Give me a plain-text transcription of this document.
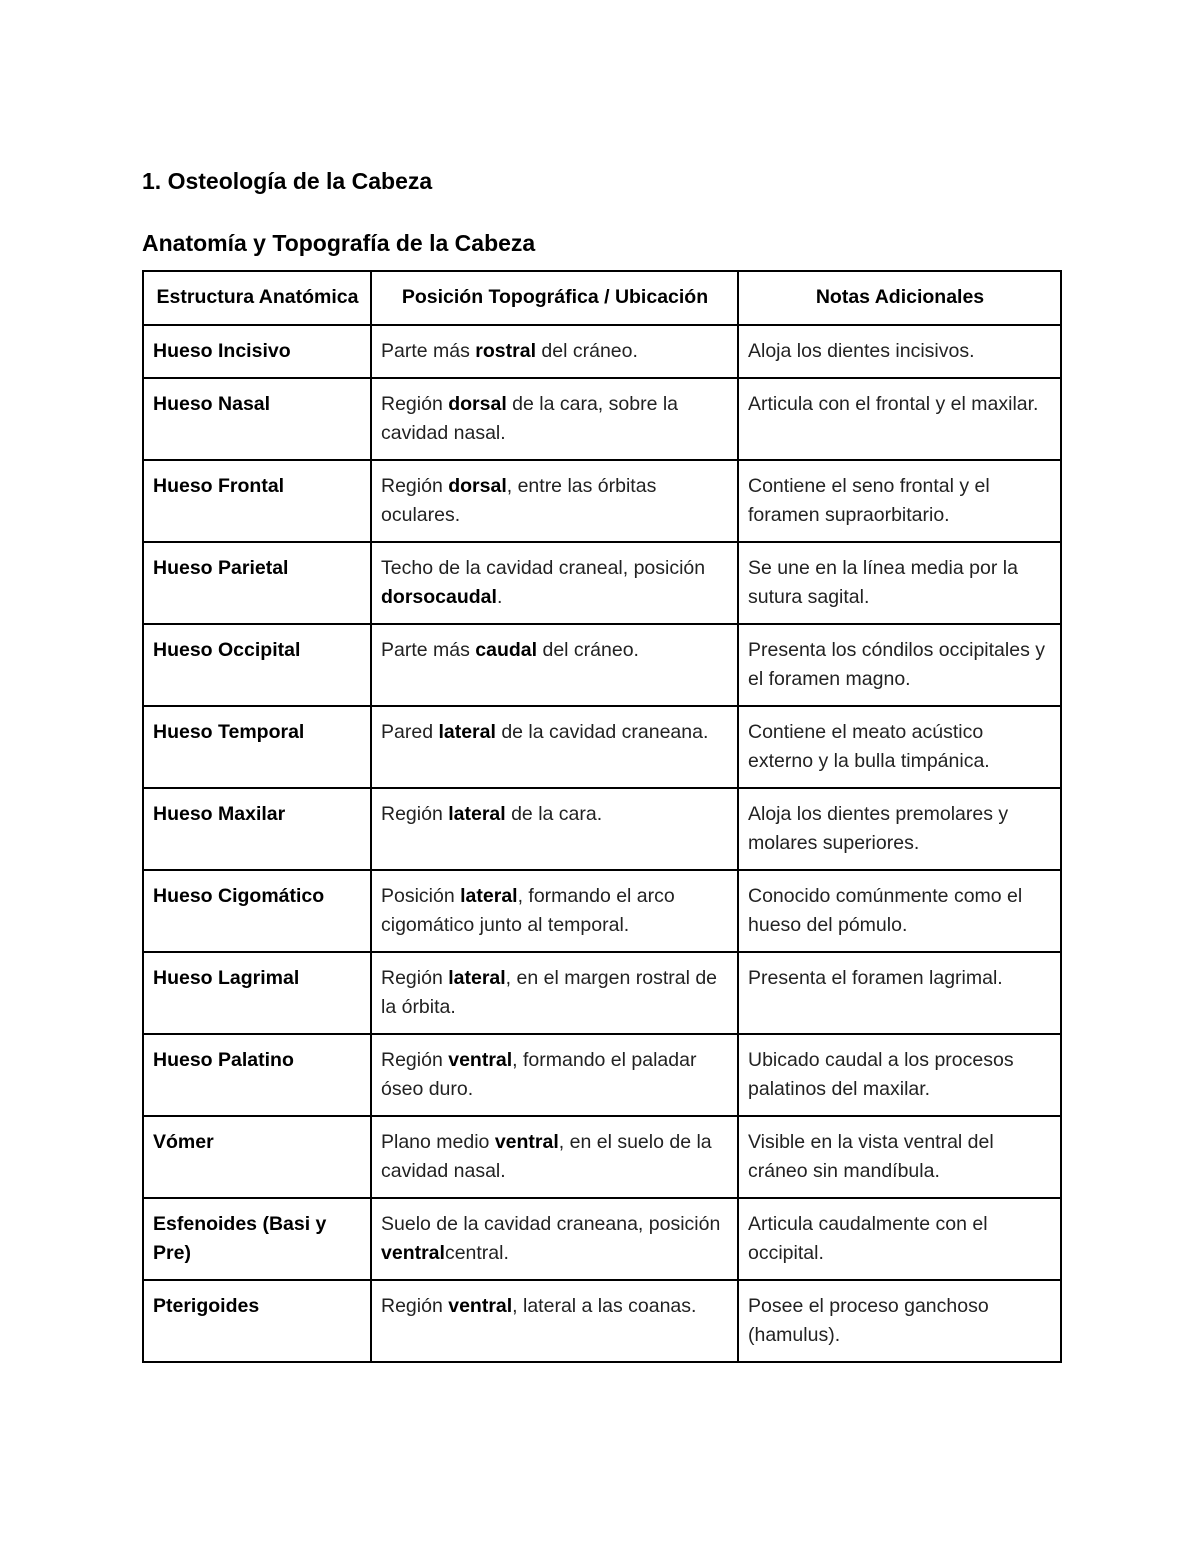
1. Osteología de la Cabeza
Anatomía y Topografía de la Cabeza
Estructura Anatómica	Posición Topográfica / Ubicación	Notas Adicionales
Hueso Incisivo	Parte más rostral del cráneo.	Aloja los dientes incisivos.
Hueso Nasal	Región dorsal de la cara, sobre la cavidad nasal.	Articula con el frontal y el maxilar.
Hueso Frontal	Región dorsal, entre las órbitas oculares.	Contiene el seno frontal y el foramen supraorbitario.
Hueso Parietal	Techo de la cavidad craneal, posición dorsocaudal.	Se une en la línea media por la sutura sagital.
Hueso Occipital	Parte más caudal del cráneo.	Presenta los cóndilos occipitales y el foramen magno.
Hueso Temporal	Pared lateral de la cavidad craneana.	Contiene el meato acústico externo y la bulla timpánica.
Hueso Maxilar	Región lateral de la cara.	Aloja los dientes premolares y molares superiores.
Hueso Cigomático	Posición lateral, formando el arco cigomático junto al temporal.	Conocido comúnmente como el hueso del pómulo.
Hueso Lagrimal	Región lateral, en el margen rostral de la órbita.	Presenta el foramen lagrimal.
Hueso Palatino	Región ventral, formando el paladar óseo duro.	Ubicado caudal a los procesos palatinos del maxilar.
Vómer	Plano medio ventral, en el suelo de la cavidad nasal.	Visible en la vista ventral del cráneo sin mandíbula.
Esfenoides (Basi y Pre)	Suelo de la cavidad craneana, posición ventralcentral.	Articula caudalmente con el occipital.
Pterigoides	Región ventral, lateral a las coanas.	Posee el proceso ganchoso (hamulus).
